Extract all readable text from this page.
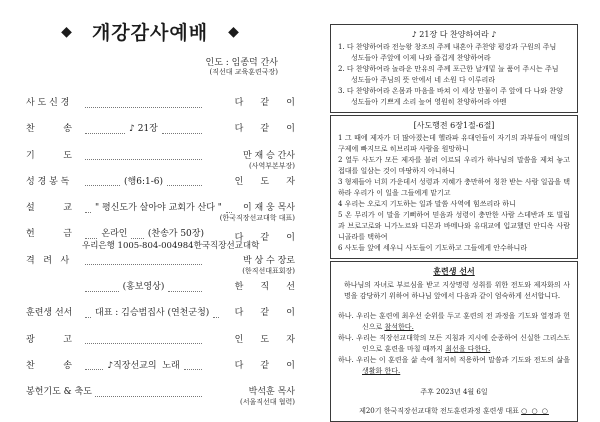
◆ 개강감사예배 ◆
인도 : 임종덕 간사
(직선대 교육훈련국장)
사 도 신 경	다      같      이
찬          송	♪ 21장	다      같      이
기          도	만 재 승 간사
(사역부본부장)
성 경 봉 독	(행6:1-6)	인      도      자
설          교	" 평신도가 살아야 교회가 산다 "	이 재 웅 목사
(한국직장선교대학 대표)
헌          금	온라인 (찬송가 50장)
우리은행 1005-804-004984한국직장선교대학
다      같      이
격   려   사	박 상 수 장로
(한직선대표회장)
(홍보영상)	한      직      선
훈련생 선서	대표 : 김승범집사 (연천군청)	다      같      이
광          고	인      도      자
찬          송	♪직장선교의  노래	다      같      이
봉헌기도 & 축도	박석훈 목사
(서울직선대 협력)
♪ 21장 다 찬양하여라 ♪
1. 다 찬양하여라 전능왕 창조의 주께 내혼아 주찬양 평강과 구원의 주님
성도들아 주앞에 이제 나와 즐겁게 찬양하여라
2. 다 찬양하여라 놀라운 만유의 주께 포근한 날개밑 늘 품어 주시는 주님
성도들아 주님의 뜻 안에서 네 소원 다 이루리라
3. 다 찬양하여라 온몸과 마음을 바쳐 이 세상 만물이 주 앞에 다 나와 찬양
성도들아 기쁘게 소리 높여 영원히 찬양하여라 아멘
[사도행전 6장1절-6절]

1 그 때에 제자가 더 많아졌는데 헬라파 유대인들이 자기의 과부들이 매일의 구제에 빠지므로 히브리파 사람을 원망하니

2 열두 사도가 모든 제자를 불러 이르되 우리가 하나님의 말씀을 제쳐 놓고 접대를 일삼는 것이 마땅하지 아니하니

3 형제들아 너희 가운데서 성령과 지혜가 충만하여 칭찬 받는 사람 일곱을 택하라 우리가 이 일을 그들에게 맡기고

4 우리는 오로지 기도하는 일과 말씀 사역에 힘쓰리라 하니

5 온 무리가 이 말을 기뻐하여 믿음과 성령이 충만한 사람 스데반과 또 빌립과 브로고로와 니가노르와 디몬과 바메나와 유대교에 입교했던 안디옥 사람 니골라를 택하여

6 사도들 앞에 세우니 사도들이 기도하고 그들에게 안수하니라

훈련생 선서
하나님의 자녀로 부르심을 받고 지상명령 성취를 위한 전도와 제자화의 사명을 감당하기 위하여 하나님 앞에서 다음과 같이 엄숙하게 선서합니다.
하나. 우리는 훈련에 최우선 순위를 두고 훈련의 전 과정을 기도와 열정과 헌신으로 참석한다.
하나. 우리는 직장선교대학의 모든 지침과 지시에 순종하여 신실한 그리스도인으로 훈련을 마칠 때까지 최선을 다한다.
하나. 우리는 이 훈련을 삶 속에 철저히 적용하여 말씀과 기도와 전도의 삶을 생활화 한다.
주후 2023년 4월 6일
제20기 한국직장선교대학 전도훈련과정 훈련생 대표 ○ ○ ○
